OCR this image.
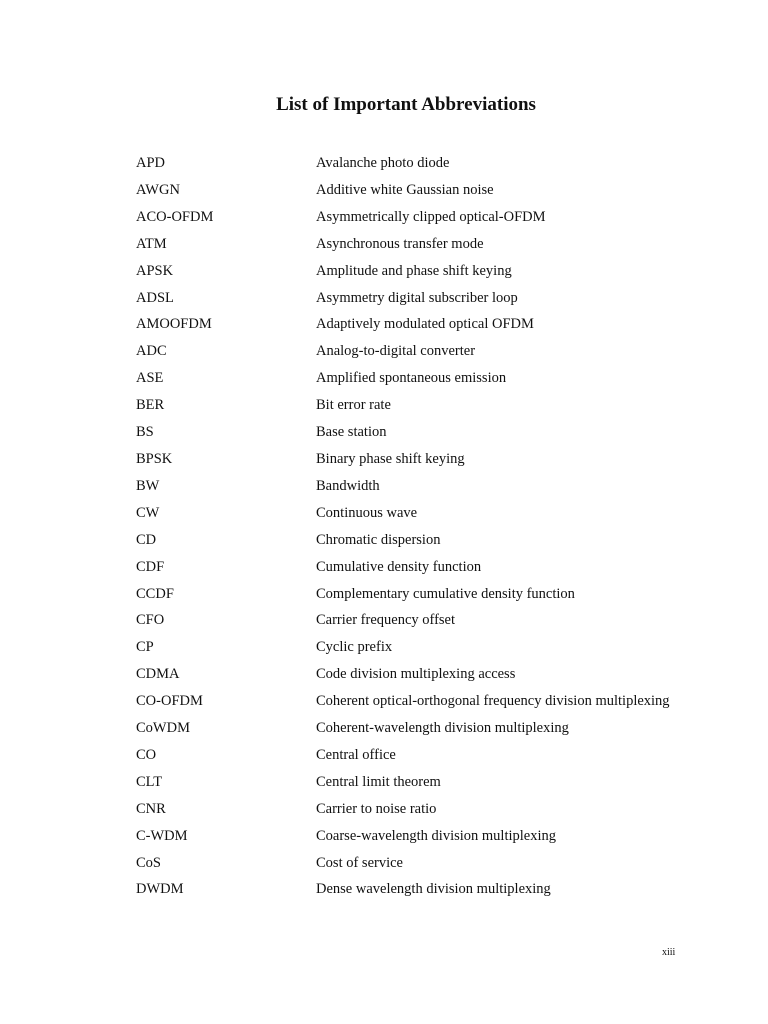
List of Important Abbreviations
APD	Avalanche photo diode
AWGN	Additive white Gaussian noise
ACO-OFDM	Asymmetrically clipped optical-OFDM
ATM	Asynchronous transfer mode
APSK	Amplitude and phase shift keying
ADSL	Asymmetry digital subscriber loop
AMOOFDM	Adaptively modulated optical OFDM
ADC	Analog-to-digital converter
ASE	Amplified spontaneous emission
BER	Bit error rate
BS	Base station
BPSK	Binary phase shift keying
BW	Bandwidth
CW	Continuous wave
CD	Chromatic dispersion
CDF	Cumulative density function
CCDF	Complementary cumulative density function
CFO	Carrier frequency offset
CP	Cyclic prefix
CDMA	Code division multiplexing access
CO-OFDM	Coherent optical-orthogonal frequency division multiplexing
CoWDM	Coherent-wavelength division multiplexing
CO	Central office
CLT	Central limit theorem
CNR	Carrier to noise ratio
C-WDM	Coarse-wavelength division multiplexing
CoS	Cost of service
DWDM	Dense wavelength division multiplexing
xiii
